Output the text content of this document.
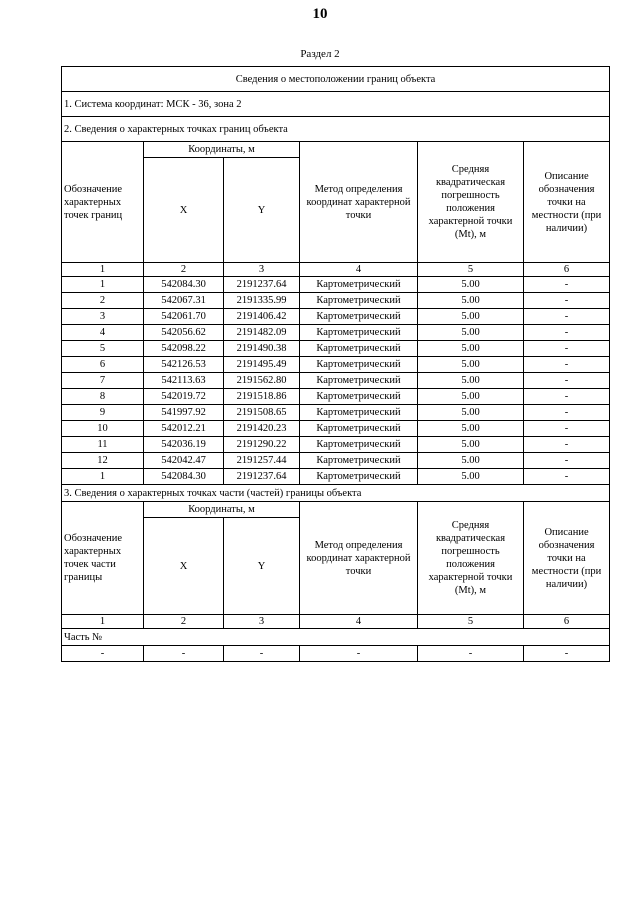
10
Раздел 2
Сведения о местоположении границ объекта					
1. Система координат: МСК - 36, зона 2					
2. Сведения о характерных точках границ объекта					
Обозначение характерных точек границ	Координаты, м		Метод определения координат характерной точки	Средняя квадратическая погрешность положения характерной точки (Mt), м	Описание обозначения точки на местности (при наличии)
	X	Y			
1	2	3	4	5	6
1	542084.30	2191237.64	Картометрический	5.00	-
2	542067.31	2191335.99	Картометрический	5.00	-
3	542061.70	2191406.42	Картометрический	5.00	-
4	542056.62	2191482.09	Картометрический	5.00	-
5	542098.22	2191490.38	Картометрический	5.00	-
6	542126.53	2191495.49	Картометрический	5.00	-
7	542113.63	2191562.80	Картометрический	5.00	-
8	542019.72	2191518.86	Картометрический	5.00	-
9	541997.92	2191508.65	Картометрический	5.00	-
10	542012.21	2191420.23	Картометрический	5.00	-
11	542036.19	2191290.22	Картометрический	5.00	-
12	542042.47	2191257.44	Картометрический	5.00	-
1	542084.30	2191237.64	Картометрический	5.00	-
3. Сведения о характерных точках части (частей) границы объекта					
Обозначение характерных точек части границы	Координаты, м		Метод определения координат характерной точки	Средняя квадратическая погрешность положения характерной точки (Mt), м	Описание обозначения точки на местности (при наличии)
	X	Y			
1	2	3	4	5	6
Часть №					
-	-	-	-	-	-
